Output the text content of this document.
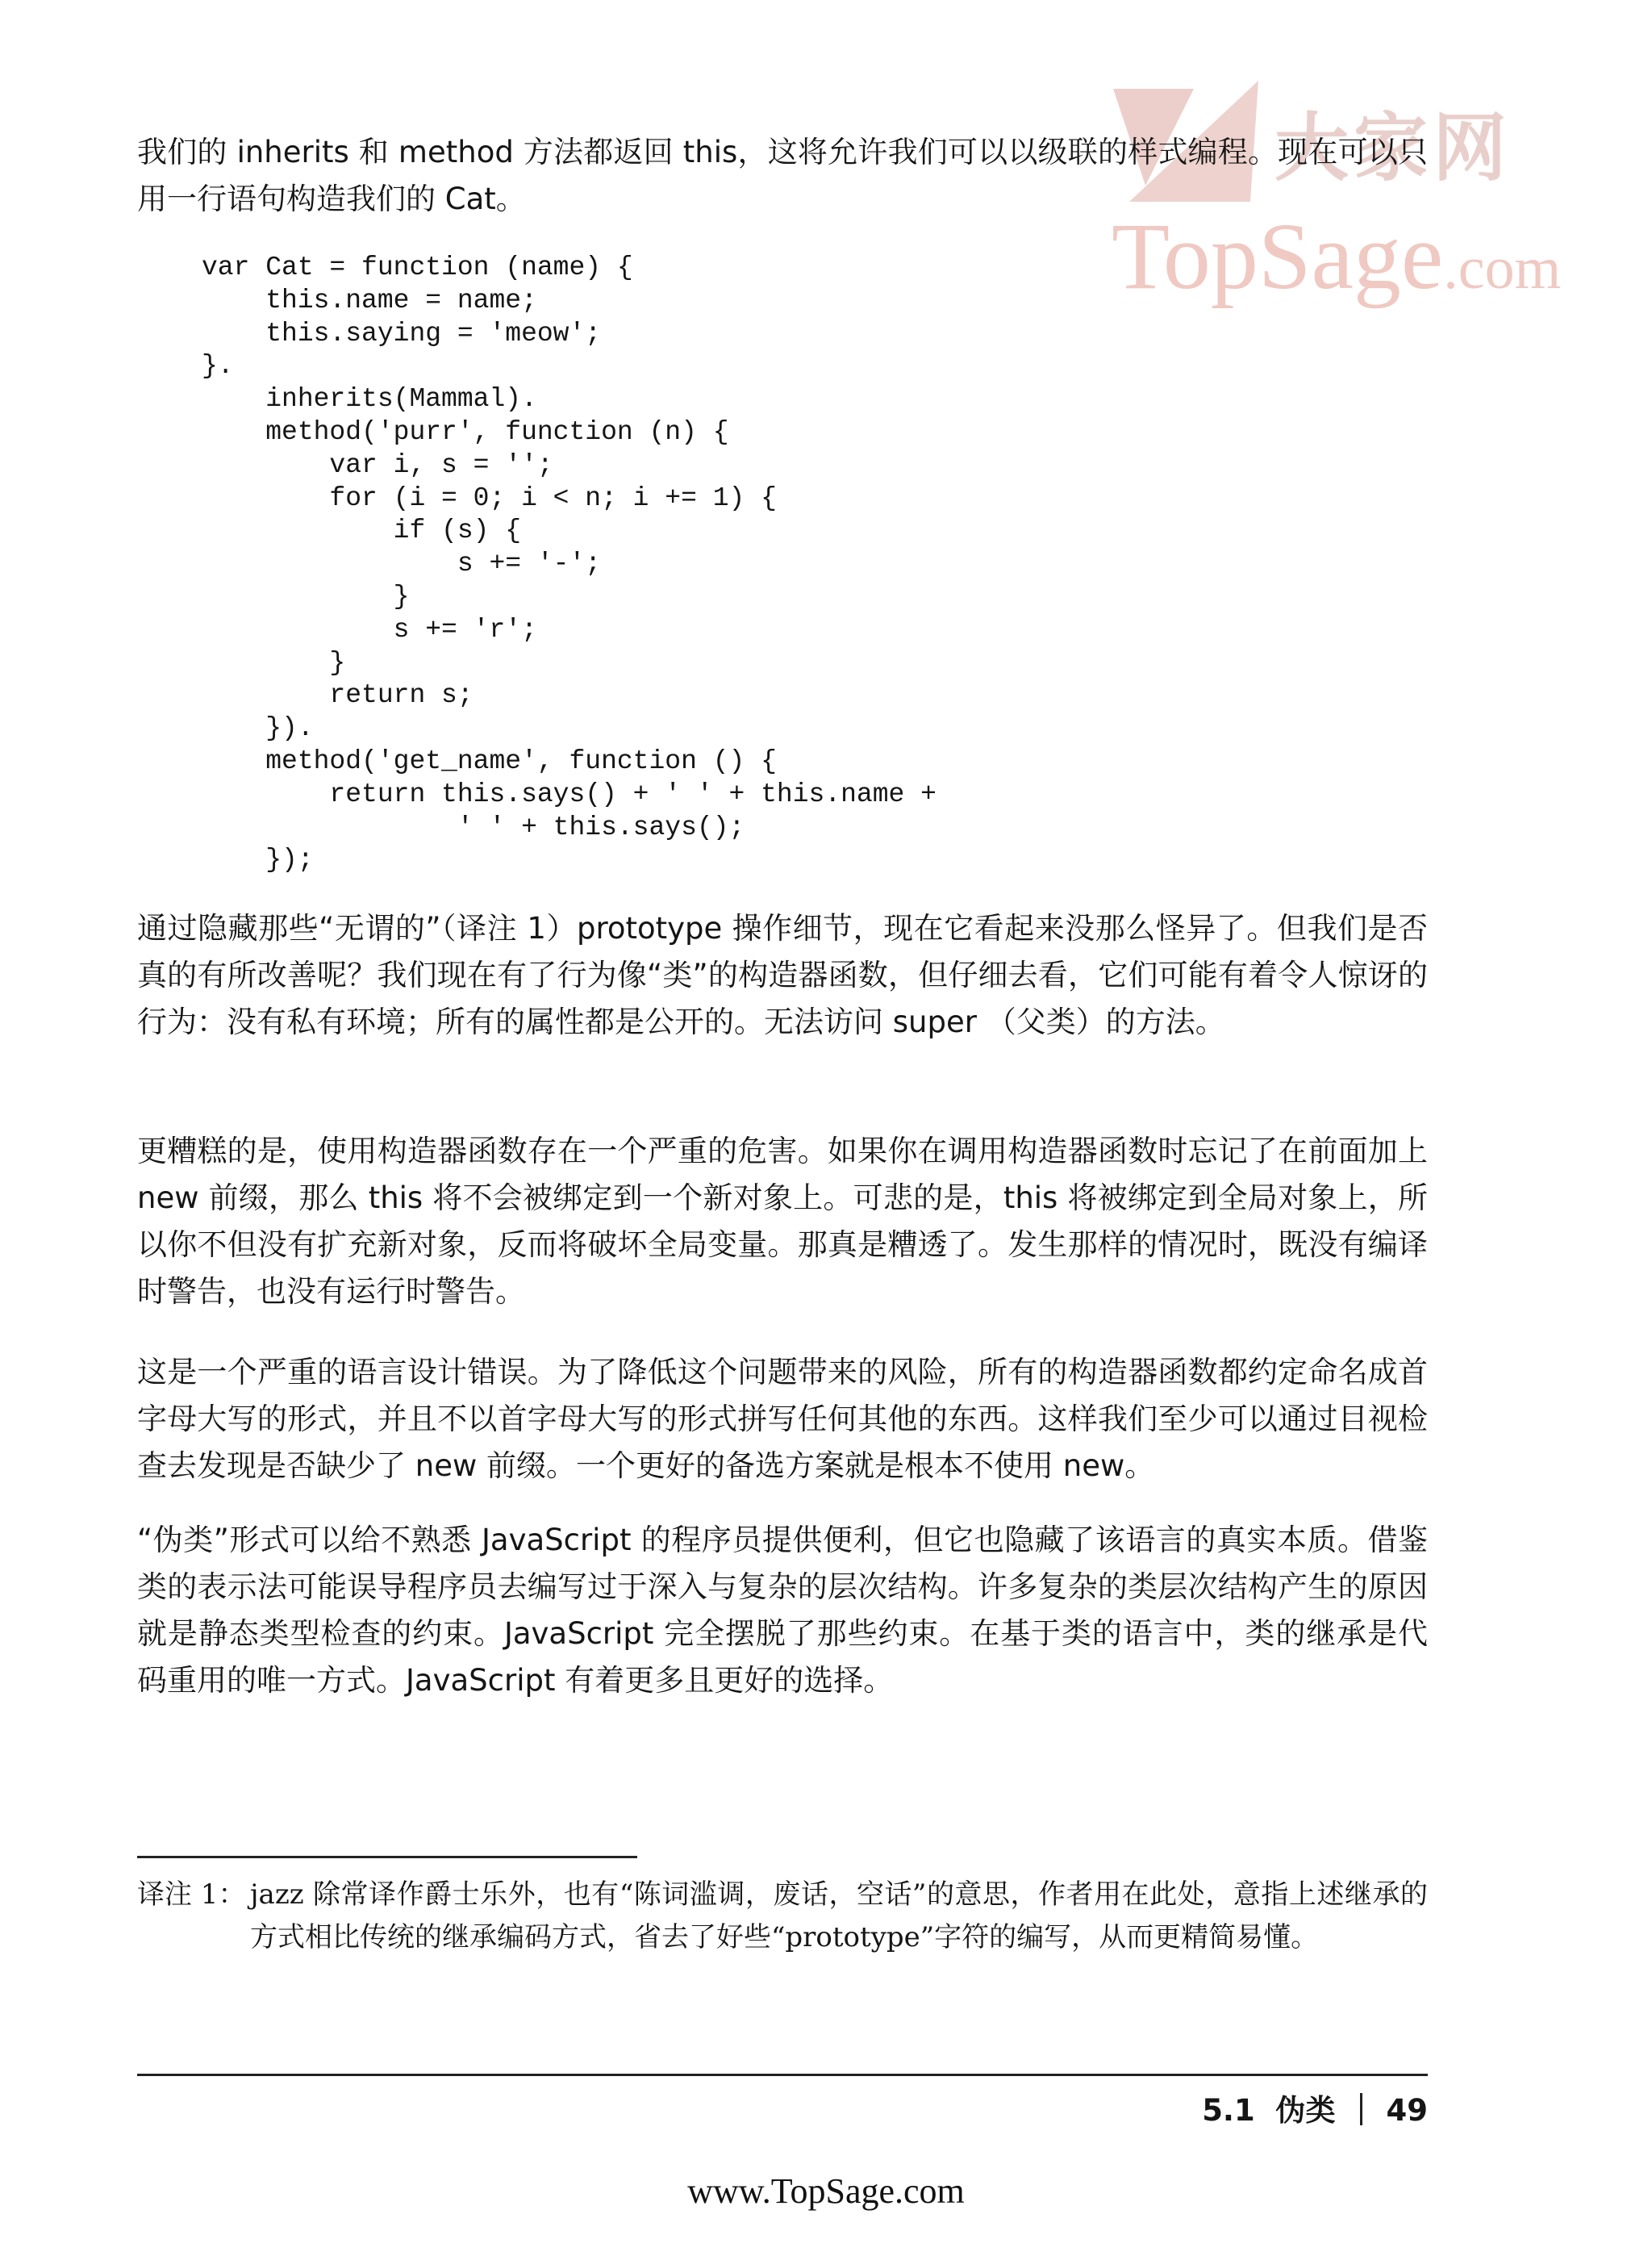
大家网
TopSage.com

我们的 inherits 和 method 方法都返回 this，这将允许我们可以以级联的样式编程。现在可以只用一行语句构造我们的 Cat。

var Cat = function (name) {
this.name = name;
this.saying = 'meow';
}.
inherits(Mammal).
method('purr', function (n) {
var i, s = '';
for (i = 0; i < n; i += 1) {
if (s) {
s += '-';
}
s += 'r';
}
return s;
}).
method('get_name', function () {
return this.says() + ' ' + this.name +
' ' + this.says();
});

通过隐藏那些“无谓的”（译注 1）prototype 操作细节，现在它看起来没那么怪异了。但我们是否真的有所改善呢？我们现在有了行为像“类”的构造器函数，但仔细去看，它们可能有着令人惊讶的行为：没有私有环境；所有的属性都是公开的。无法访问 super （父类）的方法。

更糟糕的是，使用构造器函数存在一个严重的危害。如果你在调用构造器函数时忘记了在前面加上 new 前缀，那么 this 将不会被绑定到一个新对象上。可悲的是，this 将被绑定到全局对象上，所以你不但没有扩充新对象，反而将破坏全局变量。那真是糟透了。发生那样的情况时，既没有编译时警告，也没有运行时警告。

这是一个严重的语言设计错误。为了降低这个问题带来的风险，所有的构造器函数都约定命名成首字母大写的形式，并且不以首字母大写的形式拼写任何其他的东西。这样我们至少可以通过目视检查去发现是否缺少了 new 前缀。一个更好的备选方案就是根本不使用 new。

“伪类”形式可以给不熟悉 JavaScript 的程序员提供便利，但它也隐藏了该语言的真实本质。借鉴类的表示法可能误导程序员去编写过于深入与复杂的层次结构。许多复杂的类层次结构产生的原因就是静态类型检查的约束。JavaScript 完全摆脱了那些约束。在基于类的语言中，类的继承是代码重用的唯一方式。JavaScript 有着更多且更好的选择。

译注 1： jazz 除常译作爵士乐外，也有“陈词滥调，废话，空话”的意思，作者用在此处，意指上述继承的方式相比传统的继承编码方式，省去了好些“prototype”字符的编写，从而更精简易懂。
5.1 伪类 49
www.TopSage.com
